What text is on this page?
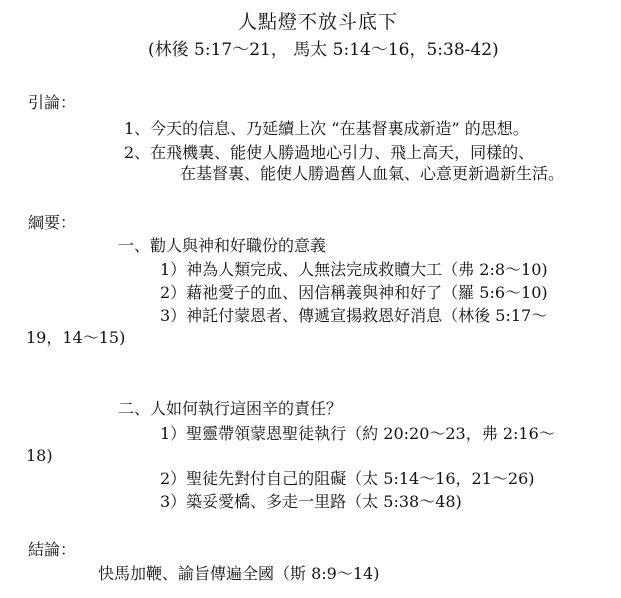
人點燈不放斗底下
(林後 5:17～21， 馬太 5:14～16，5:38-42)
引論：
1、今天的信息、乃延續上次 “在基督裏成新造” 的思想。
2、在飛機裏、能使人勝過地心引力、飛上高天，同樣的、
在基督裏、能使人勝過舊人血氣、心意更新過新生活。
綱要：
一、勸人與神和好職份的意義
1）神為人類完成、人無法完成救贖大工（弗 2:8～10)
2）藉祂愛子的血、因信稱義與神和好了（羅 5:6～10)
3）神託付蒙恩者、傳遞宣揚救恩好消息（林後 5:17～
19，14～15)
二、人如何執行這困辛的責任？
1）聖靈帶領蒙恩聖徒執行（約 20:20～23，弗 2:16～
18)
2）聖徒先對付自己的阻礙（太 5:14～16，21～26)
3）築妥愛橋、多走一里路（太 5:38～48)
結論：
快馬加鞭、諭旨傳遍全國（斯 8:9～14)
